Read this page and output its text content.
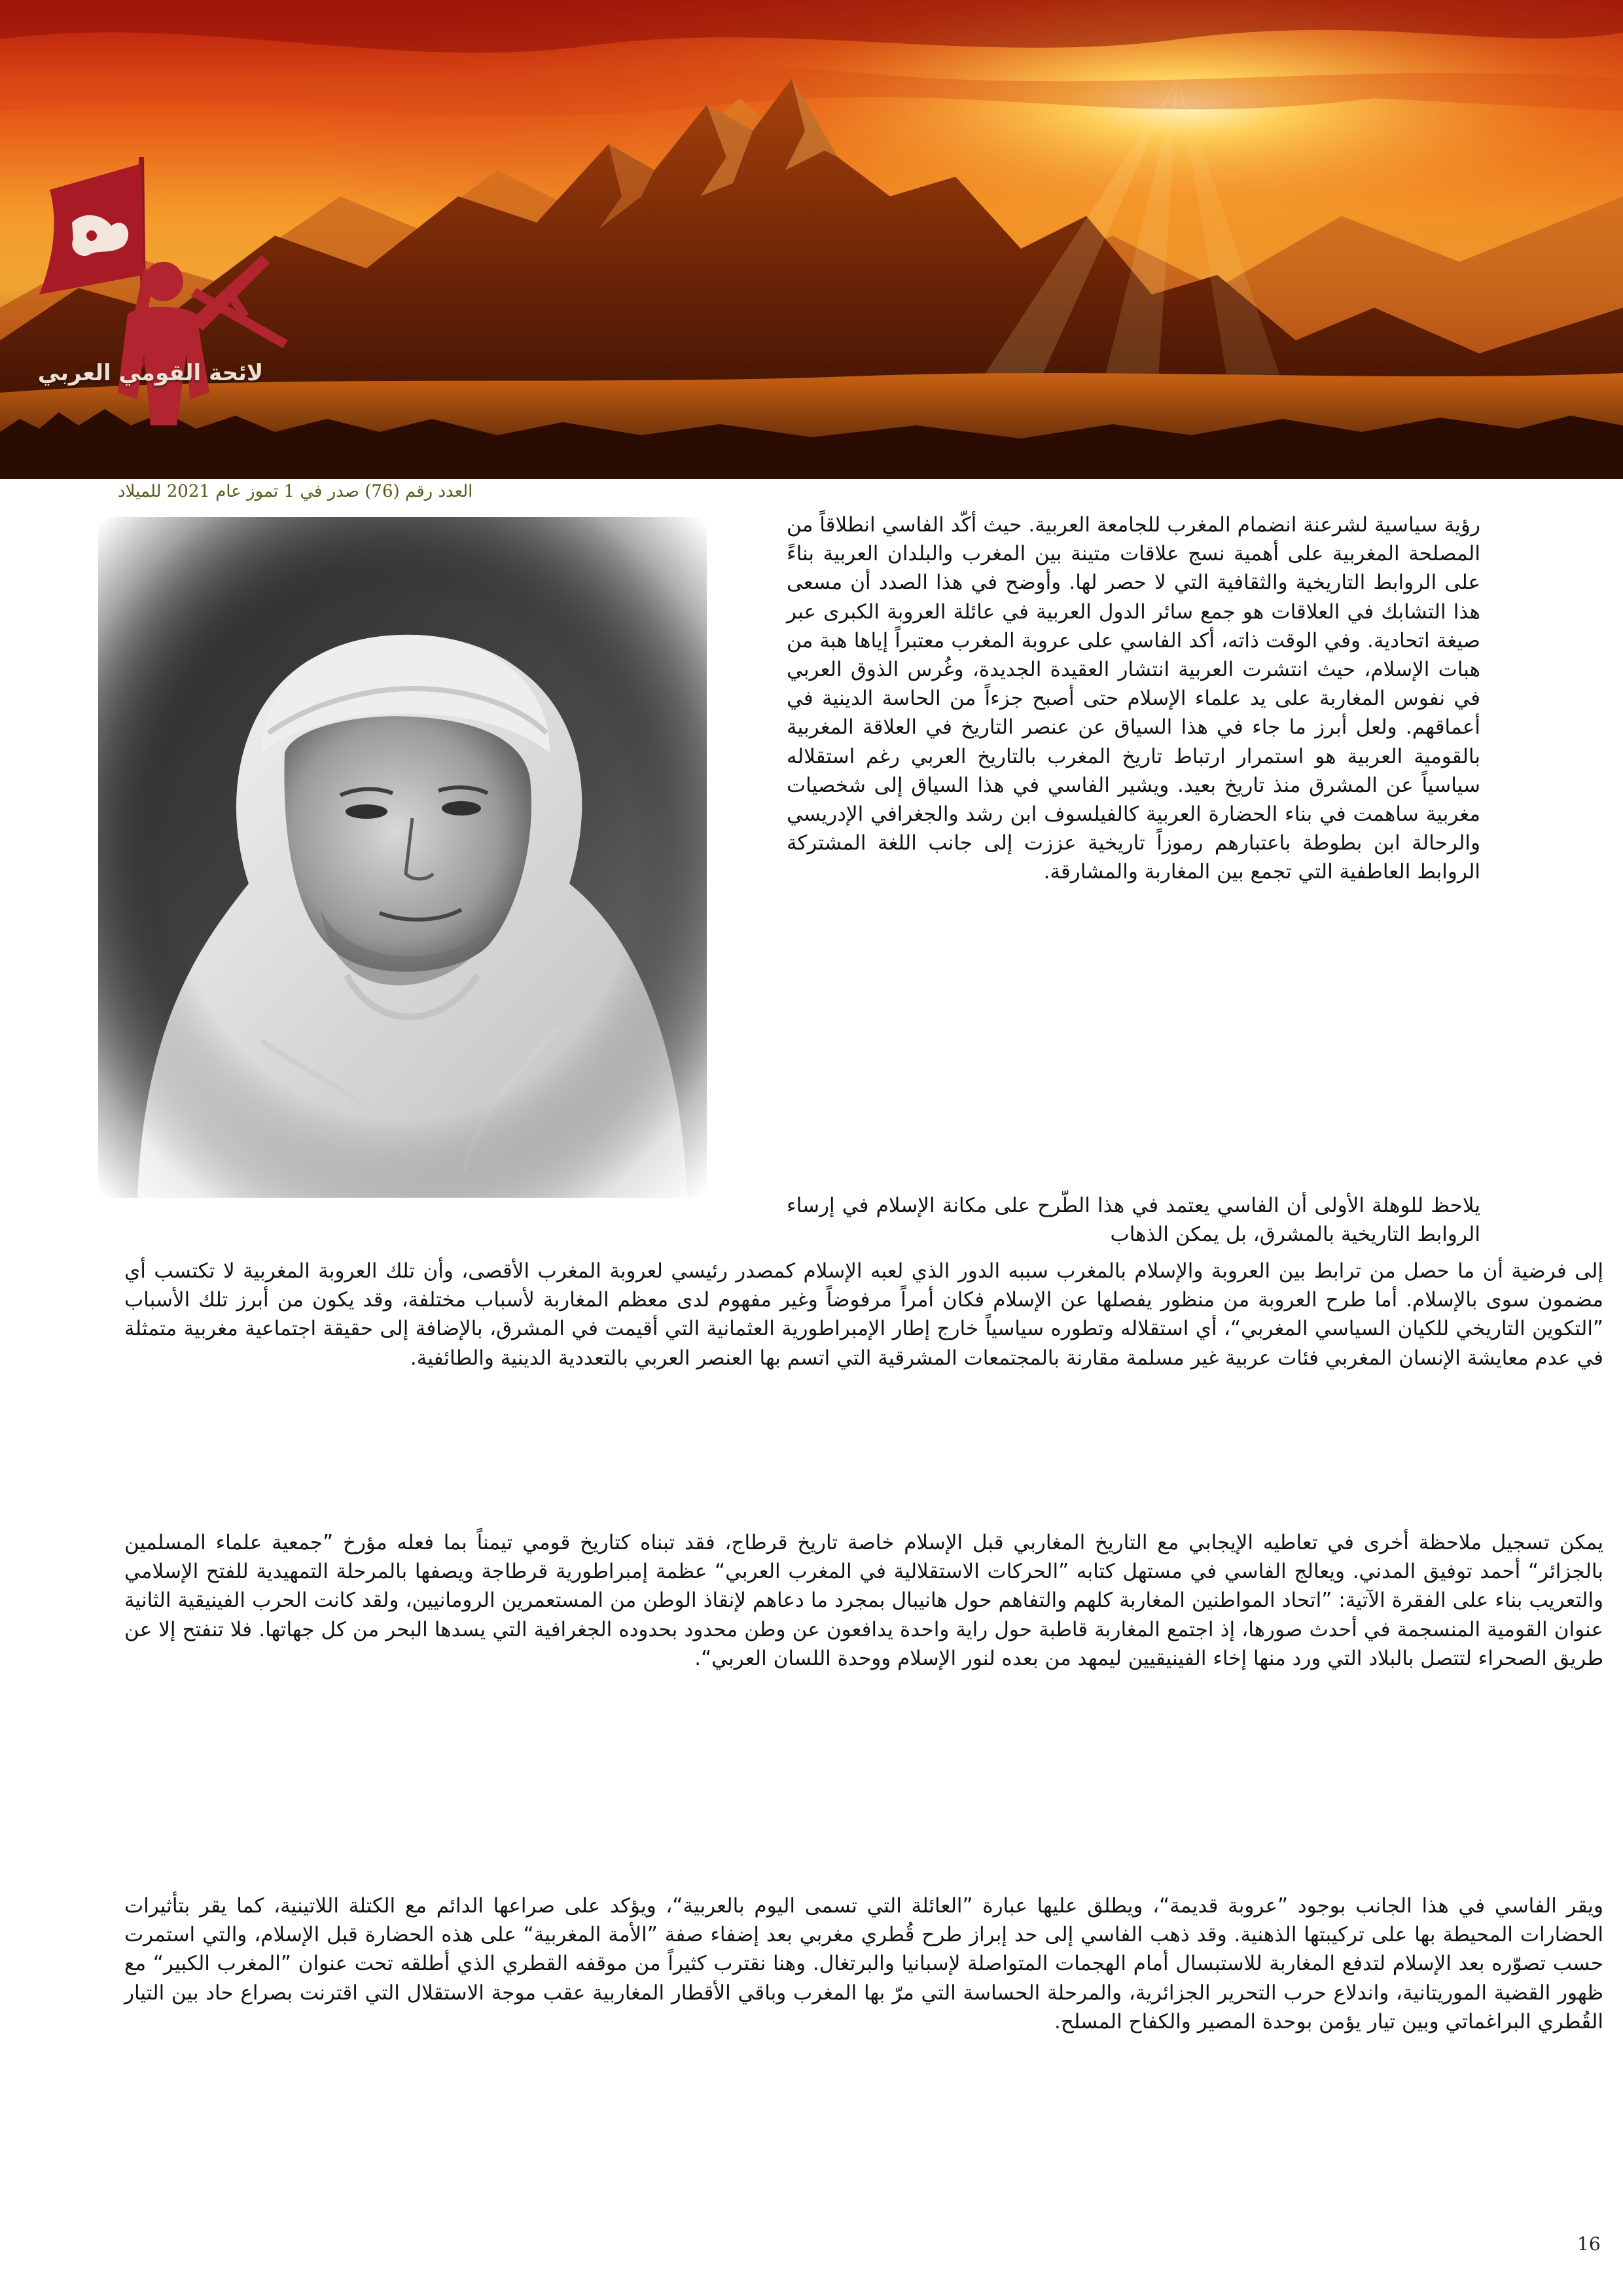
لائحة القومي العربي
العدد رقم (76) صدر في 1 تموز عام 2021 للميلاد

رؤية سياسية لشرعنة انضمام المغرب للجامعة العربية. حيث أكّد الفاسي انطلاقاً من المصلحة المغربية على أهمية نسج علاقات متينة بين المغرب والبلدان العربية بناءً على الروابط التاريخية والثقافية التي لا حصر لها. وأوضح في هذا الصدد أن مسعى هذا التشابك في العلاقات هو جمع سائر الدول العربية في عائلة العروبة الكبرى عبر صيغة اتحادية. وفي الوقت ذاته، أكد الفاسي على عروبة المغرب معتبراً إياها هبة من هبات الإسلام، حيث انتشرت العربية انتشار العقيدة الجديدة، وغُرس الذوق العربي في نفوس المغاربة على يد علماء الإسلام حتى أصبح جزءاً من الحاسة الدينية في أعماقهم. ولعل أبرز ما جاء في هذا السياق عن عنصر التاريخ في العلاقة المغربية بالقومية العربية هو استمرار ارتباط تاريخ المغرب بالتاريخ العربي رغم استقلاله سياسياً عن المشرق منذ تاريخ بعيد. ويشير الفاسي في هذا السياق إلى شخصيات مغربية ساهمت في بناء الحضارة العربية كالفيلسوف ابن رشد والجغرافي الإدريسي والرحالة ابن بطوطة باعتبارهم رموزاً تاريخية عززت إلى جانب اللغة المشتركة الروابط العاطفية التي تجمع بين المغاربة والمشارقة.

يلاحظ للوهلة الأولى أن الفاسي يعتمد في هذا الطّرح على مكانة الإسلام في إرساء الروابط التاريخية بالمشرق، بل يمكن الذهاب

إلى فرضية أن ما حصل من ترابط بين العروبة والإسلام بالمغرب سببه الدور الذي لعبه الإسلام كمصدر رئيسي لعروبة المغرب الأقصى، وأن تلك العروبة المغربية لا تكتسب أي مضمون سوى بالإسلام. أما طرح العروبة من منظور يفصلها عن الإسلام فكان أمراً مرفوضاً وغير مفهوم لدى معظم المغاربة لأسباب مختلفة، وقد يكون من أبرز تلك الأسباب ”التكوين التاريخي للكيان السياسي المغربي“، أي استقلاله وتطوره سياسياً خارج إطار الإمبراطورية العثمانية التي أقيمت في المشرق، بالإضافة إلى حقيقة اجتماعية مغربية متمثلة في عدم معايشة الإنسان المغربي فئات عربية غير مسلمة مقارنة بالمجتمعات المشرقية التي اتسم بها العنصر العربي بالتعددية الدينية والطائفية.

يمكن تسجيل ملاحظة أخرى في تعاطيه الإيجابي مع التاريخ المغاربي قبل الإسلام خاصة تاريخ قرطاج، فقد تبناه كتاريخ قومي تيمناً بما فعله مؤرخ ”جمعية علماء المسلمين بالجزائر“ أحمد توفيق المدني. ويعالج الفاسي في مستهل كتابه ”الحركات الاستقلالية في المغرب العربي“ عظمة إمبراطورية قرطاجة ويصفها بالمرحلة التمهيدية للفتح الإسلامي والتعريب بناء على الفقرة الآتية: ”اتحاد المواطنين المغاربة كلهم والتفاهم حول هانيبال بمجرد ما دعاهم لإنقاذ الوطن من المستعمرين الرومانيين، ولقد كانت الحرب الفينيقية الثانية عنوان القومية المنسجمة في أحدث صورها، إذ اجتمع المغاربة قاطبة حول راية واحدة يدافعون عن وطن محدود بحدوده الجغرافية التي يسدها البحر من كل جهاتها. فلا تنفتح إلا عن طريق الصحراء لتتصل بالبلاد التي ورد منها إخاء الفينيقيين ليمهد من بعده لنور الإسلام ووحدة اللسان العربي“.

ويقر الفاسي في هذا الجانب بوجود ”عروبة قديمة“، ويطلق عليها عبارة ”العائلة التي تسمى اليوم بالعربية“، ويؤكد على صراعها الدائم مع الكتلة اللاتينية، كما يقر بتأثيرات الحضارات المحيطة بها على تركيبتها الذهنية. وقد ذهب الفاسي إلى حد إبراز طرح قُطري مغربي بعد إضفاء صفة ”الأمة المغربية“ على هذه الحضارة قبل الإسلام، والتي استمرت حسب تصوّره بعد الإسلام لتدفع المغاربة للاستبسال أمام الهجمات المتواصلة لإسبانيا والبرتغال. وهنا نقترب كثيراً من موقفه القطري الذي أطلقه تحت عنوان ”المغرب الكبير“ مع ظهور القضية الموريتانية، واندلاع حرب التحرير الجزائرية، والمرحلة الحساسة التي مرّ بها المغرب وباقي الأقطار المغاربية عقب موجة الاستقلال التي اقترنت بصراع حاد بين التيار القُطري البراغماتي وبين تيار يؤمن بوحدة المصير والكفاح المسلح.

16
